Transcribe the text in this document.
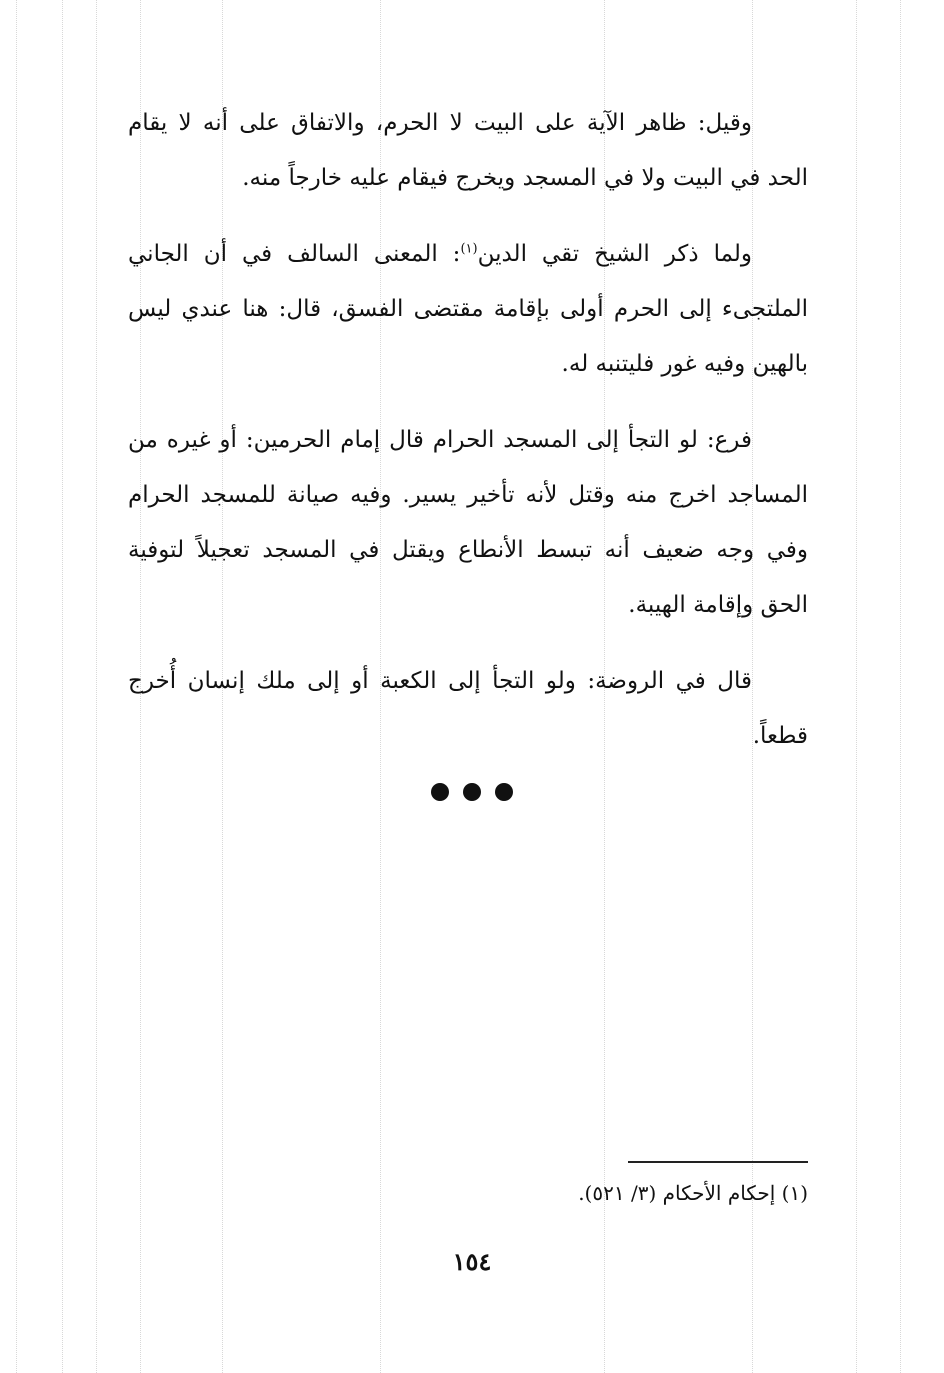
وقيل: ظاهر الآية على البيت لا الحرم، والاتفاق على أنه لا يقام الحد في البيت ولا في المسجد ويخرج فيقام عليه خارجاً منه.

ولما ذكر الشيخ تقي الدين$^{(١)}$: المعنى السالف في أن الجاني الملتجىء إلى الحرم أولى بإقامة مقتضى الفسق، قال: هنا عندي ليس بالهين وفيه غور فليتنبه له.

فرع: لو التجأ إلى المسجد الحرام قال إمام الحرمين: أو غيره من المساجد اخرج منه وقتل لأنه تأخير يسير. وفيه صيانة للمسجد الحرام وفي وجه ضعيف أنه تبسط الأنطاع ويقتل في المسجد تعجيلاً لتوفية الحق وإقامة الهيبة.

قال في الروضة: ولو التجأ إلى الكعبة أو إلى ملك إنسان أُخرج قطعاً.

(١) إحكام الأحكام (٣/ ٥٢١).

١٥٤
